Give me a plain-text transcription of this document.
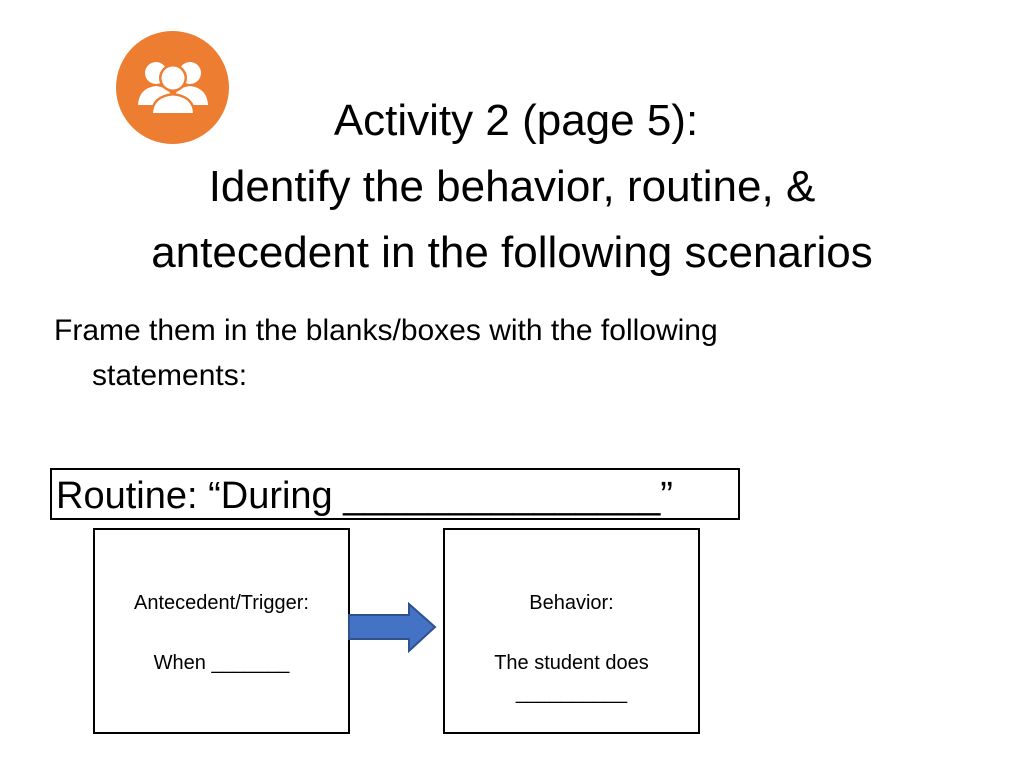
Activity 2 (page 5):
Identify the behavior, routine, &
antecedent in the following scenarios
Frame them in the blanks/boxes with the following
statements:
Routine: “During _______________”
Antecedent/Trigger:
When _______
Behavior:
The student does
__________
